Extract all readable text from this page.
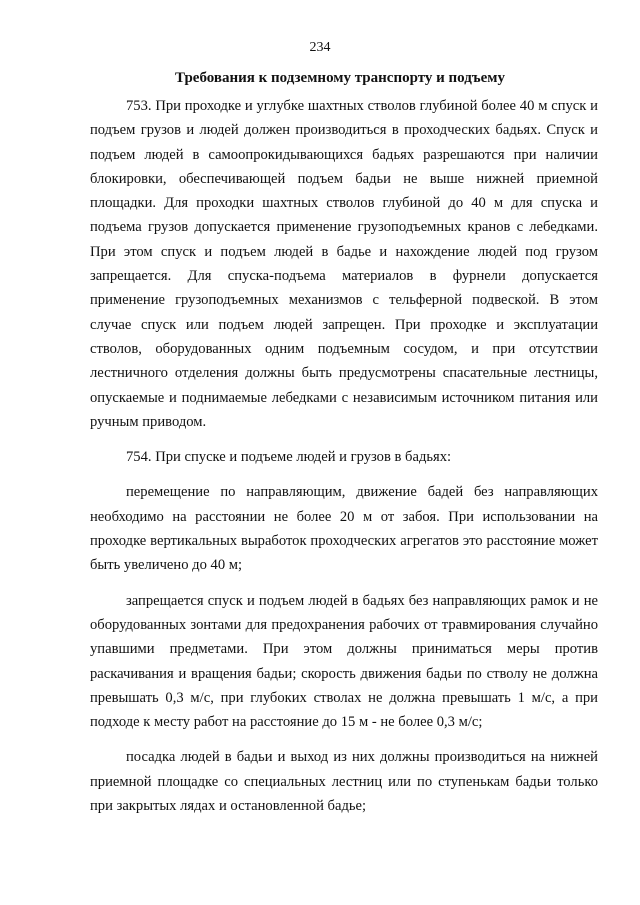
234
Требования к подземному транспорту и подъему

753. При проходке и углубке шахтных стволов глубиной более 40 м спуск и подъем грузов и людей должен производиться в проходческих бадьях. Спуск и подъем людей в самоопрокидывающихся бадьях разрешаются при наличии блокировки, обеспечивающей подъем бадьи не выше нижней приемной площадки. Для проходки шахтных стволов глубиной до 40 м для спуска и подъема грузов допускается применение грузоподъемных кранов с лебедками. При этом спуск и подъем людей в бадье и нахождение людей под грузом запрещается. Для спуска-подъема материалов в фурнели допускается применение грузоподъемных механизмов с тельферной подвеской. В этом случае спуск или подъем людей запрещен. При проходке и эксплуатации стволов, оборудованных одним подъемным сосудом, и при отсутствии лестничного отделения должны быть предусмотрены спасательные лестницы, опускаемые и поднимаемые лебедками с независимым источником питания или ручным приводом.

754. При спуске и подъеме людей и грузов в бадьях:

перемещение по направляющим, движение бадей без направляющих необходимо на расстоянии не более 20 м от забоя. При использовании на проходке вертикальных выработок проходческих агрегатов это расстояние может быть увеличено до 40 м;

запрещается спуск и подъем людей в бадьях без направляющих рамок и не оборудованных зонтами для предохранения рабочих от травмирования случайно упавшими предметами. При этом должны приниматься меры против раскачивания и вращения бадьи; скорость движения бадьи по стволу не должна превышать 0,3 м/с, при глубоких стволах не должна превышать 1 м/с, а при подходе к месту работ на расстояние до 15 м - не более 0,3 м/с;

посадка людей в бадьи и выход из них должны производиться на нижней приемной площадке со специальных лестниц или по ступенькам бадьи только при закрытых лядах и остановленной бадье;
